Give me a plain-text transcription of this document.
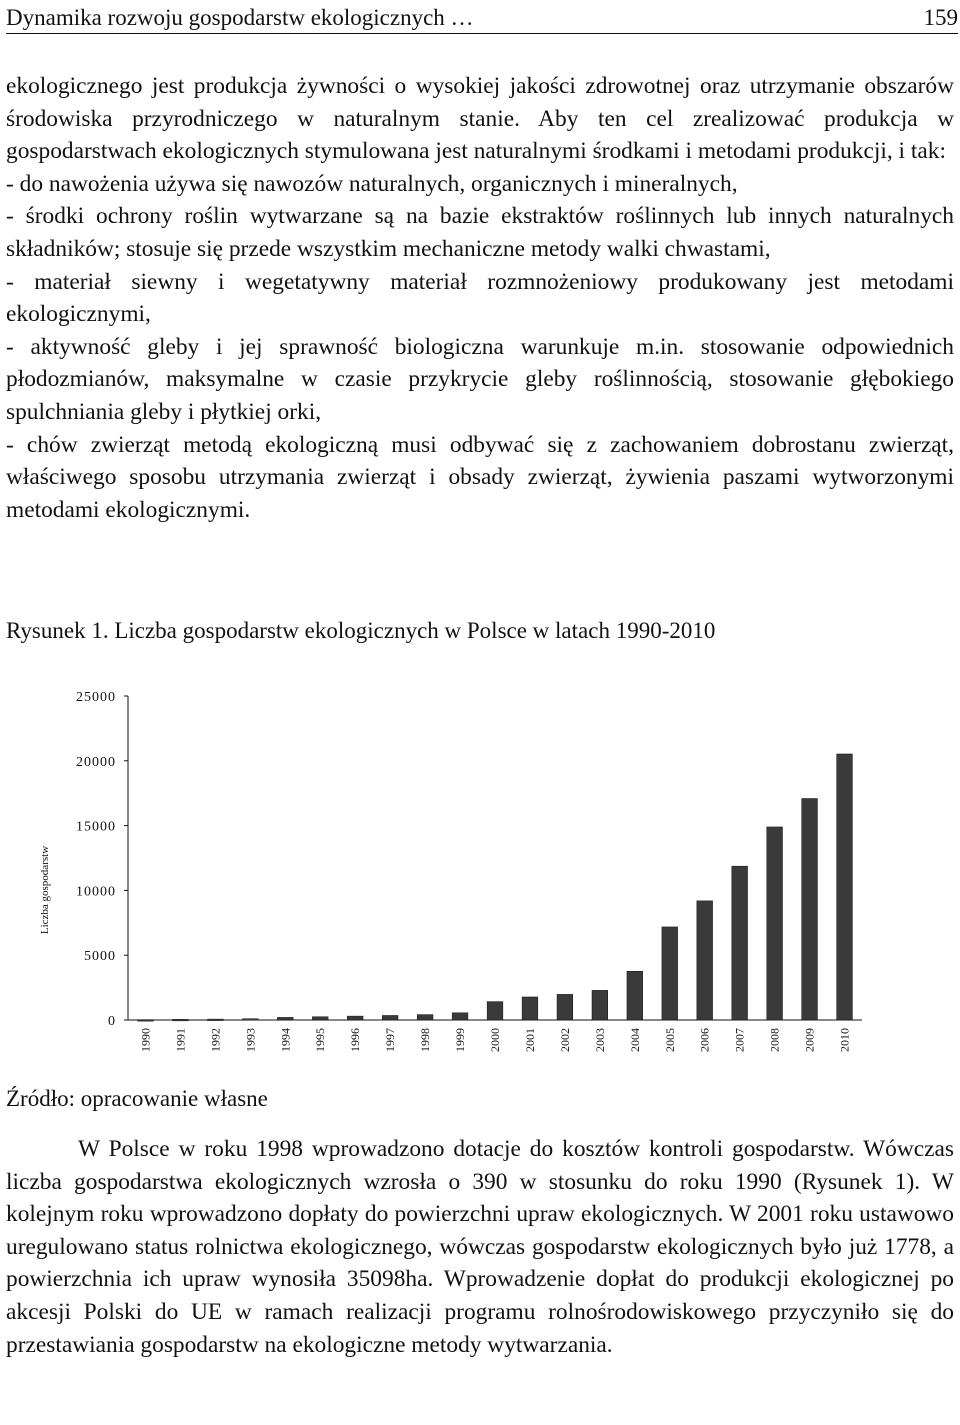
Dynamika rozwoju gospodarstw ekologicznych …	159

ekologicznego jest produkcja żywności o wysokiej jakości zdrowotnej oraz utrzymanie obszarów środowiska przyrodniczego w naturalnym stanie. Aby ten cel zrealizować produkcja w gospodarstwach ekologicznych stymulowana jest naturalnymi środkami i metodami produkcji, i tak:

- do nawożenia używa się nawozów naturalnych, organicznych i mineralnych,

- środki ochrony roślin wytwarzane są na bazie ekstraktów roślinnych lub innych naturalnych składników; stosuje się przede wszystkim mechaniczne metody walki chwastami,

- materiał siewny i wegetatywny materiał rozmnożeniowy produkowany jest metodami ekologicznymi,

- aktywność gleby i jej sprawność biologiczna warunkuje m.in. stosowanie odpowiednich płodozmianów, maksymalne w czasie przykrycie gleby roślinnością, stosowanie głębokiego spulchniania gleby i płytkiej orki,

- chów zwierząt metodą ekologiczną musi odbywać się z zachowaniem dobrostanu zwierząt, właściwego sposobu utrzymania zwierząt i obsady zwierząt, żywienia paszami wytworzonymi metodami ekologicznymi.

Rysunek 1. Liczba gospodarstw ekologicznych w Polsce w latach 1990-2010
Liczba gospodarstw
0
5000
10000
15000
20000
25000
1990 1991 1992 1993 1994 1995 1996 1997 1998 1999 2000 2001 2002 2003 2004 2005 2006 2007 2008 2009 2010
Źródło: opracowanie własne

W Polsce w roku 1998 wprowadzono dotacje do kosztów kontroli gospodarstw. Wówczas liczba gospodarstwa ekologicznych wzrosła o 390 w stosunku do roku 1990 (Rysunek 1). W kolejnym roku wprowadzono dopłaty do powierzchni upraw ekologicznych. W 2001 roku ustawowo uregulowano status rolnictwa ekologicznego, wówczas gospodarstw ekologicznych było już 1778, a powierzchnia ich upraw wynosiła 35098ha. Wprowadzenie dopłat do produkcji ekologicznej po akcesji Polski do UE w ramach realizacji programu rolnośrodowiskowego przyczyniło się do przestawiania gospodarstw na ekologiczne metody wytwarzania.
